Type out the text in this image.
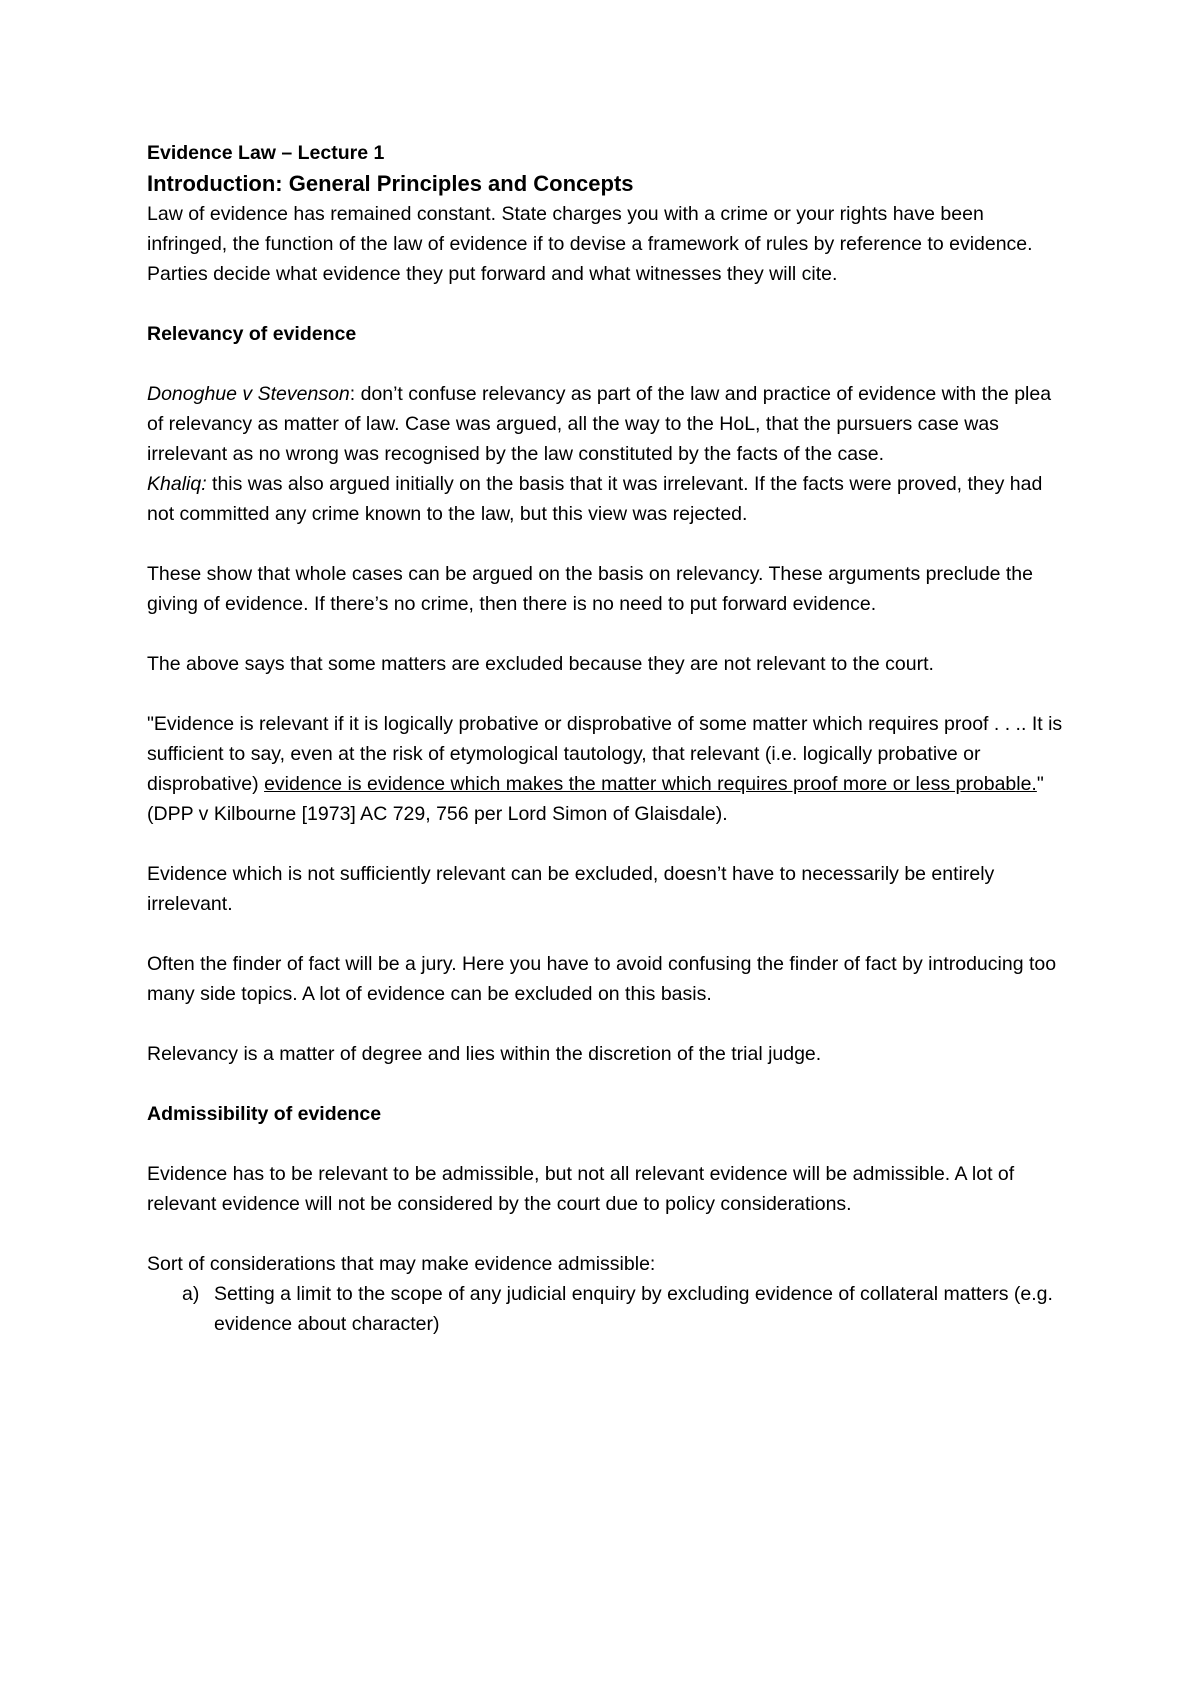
Evidence Law – Lecture 1

Introduction: General Principles and Concepts

Law of evidence has remained constant. State charges you with a crime or your rights have been infringed, the function of the law of evidence if to devise a framework of rules by reference to evidence. Parties decide what evidence they put forward and what witnesses they will cite.

Relevancy of evidence

Donoghue v Stevenson: don’t confuse relevancy as part of the law and practice of evidence with the plea of relevancy as matter of law. Case was argued, all the way to the HoL, that the pursuers case was irrelevant as no wrong was recognised by the law constituted by the facts of the case.

Khaliq: this was also argued initially on the basis that it was irrelevant. If the facts were proved, they had not committed any crime known to the law, but this view was rejected.

These show that whole cases can be argued on the basis on relevancy. These arguments preclude the giving of evidence. If there’s no crime, then there is no need to put forward evidence.

The above says that some matters are excluded because they are not relevant to the court.

"Evidence is relevant if it is logically probative or disprobative of some matter which requires proof . . .. It is sufficient to say, even at the risk of etymological tautology, that relevant (i.e. logically probative or disprobative) evidence is evidence which makes the matter which requires proof more or less probable." (DPP v Kilbourne [1973] AC 729, 756 per Lord Simon of Glaisdale).

Evidence which is not sufficiently relevant can be excluded, doesn’t have to necessarily be entirely irrelevant.

Often the finder of fact will be a jury. Here you have to avoid confusing the finder of fact by introducing too many side topics. A lot of evidence can be excluded on this basis.

Relevancy is a matter of degree and lies within the discretion of the trial judge.

Admissibility of evidence

Evidence has to be relevant to be admissible, but not all relevant evidence will be admissible. A lot of relevant evidence will not be considered by the court due to policy considerations.

Sort of considerations that may make evidence admissible:

a) Setting a limit to the scope of any judicial enquiry by excluding evidence of collateral matters (e.g. evidence about character)
